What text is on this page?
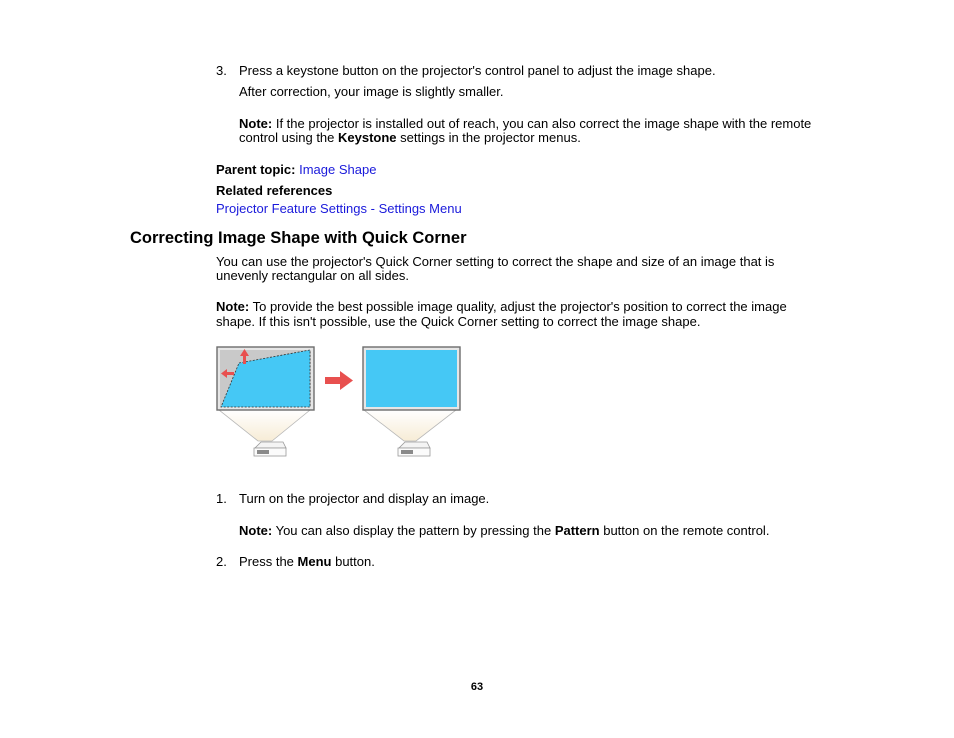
3. Press a keystone button on the projector's control panel to adjust the image shape.
After correction, your image is slightly smaller.
Note: If the projector is installed out of reach, you can also correct the image shape with the remote
control using the Keystone settings in the projector menus.
Parent topic: Image Shape
Related references
Projector Feature Settings - Settings Menu
Correcting Image Shape with Quick Corner
You can use the projector's Quick Corner setting to correct the shape and size of an image that is
unevenly rectangular on all sides.
Note: To provide the best possible image quality, adjust the projector's position to correct the image
shape. If this isn't possible, use the Quick Corner setting to correct the image shape.
1. Turn on the projector and display an image.
Note: You can also display the pattern by pressing the Pattern button on the remote control.
2. Press the Menu button.
63
